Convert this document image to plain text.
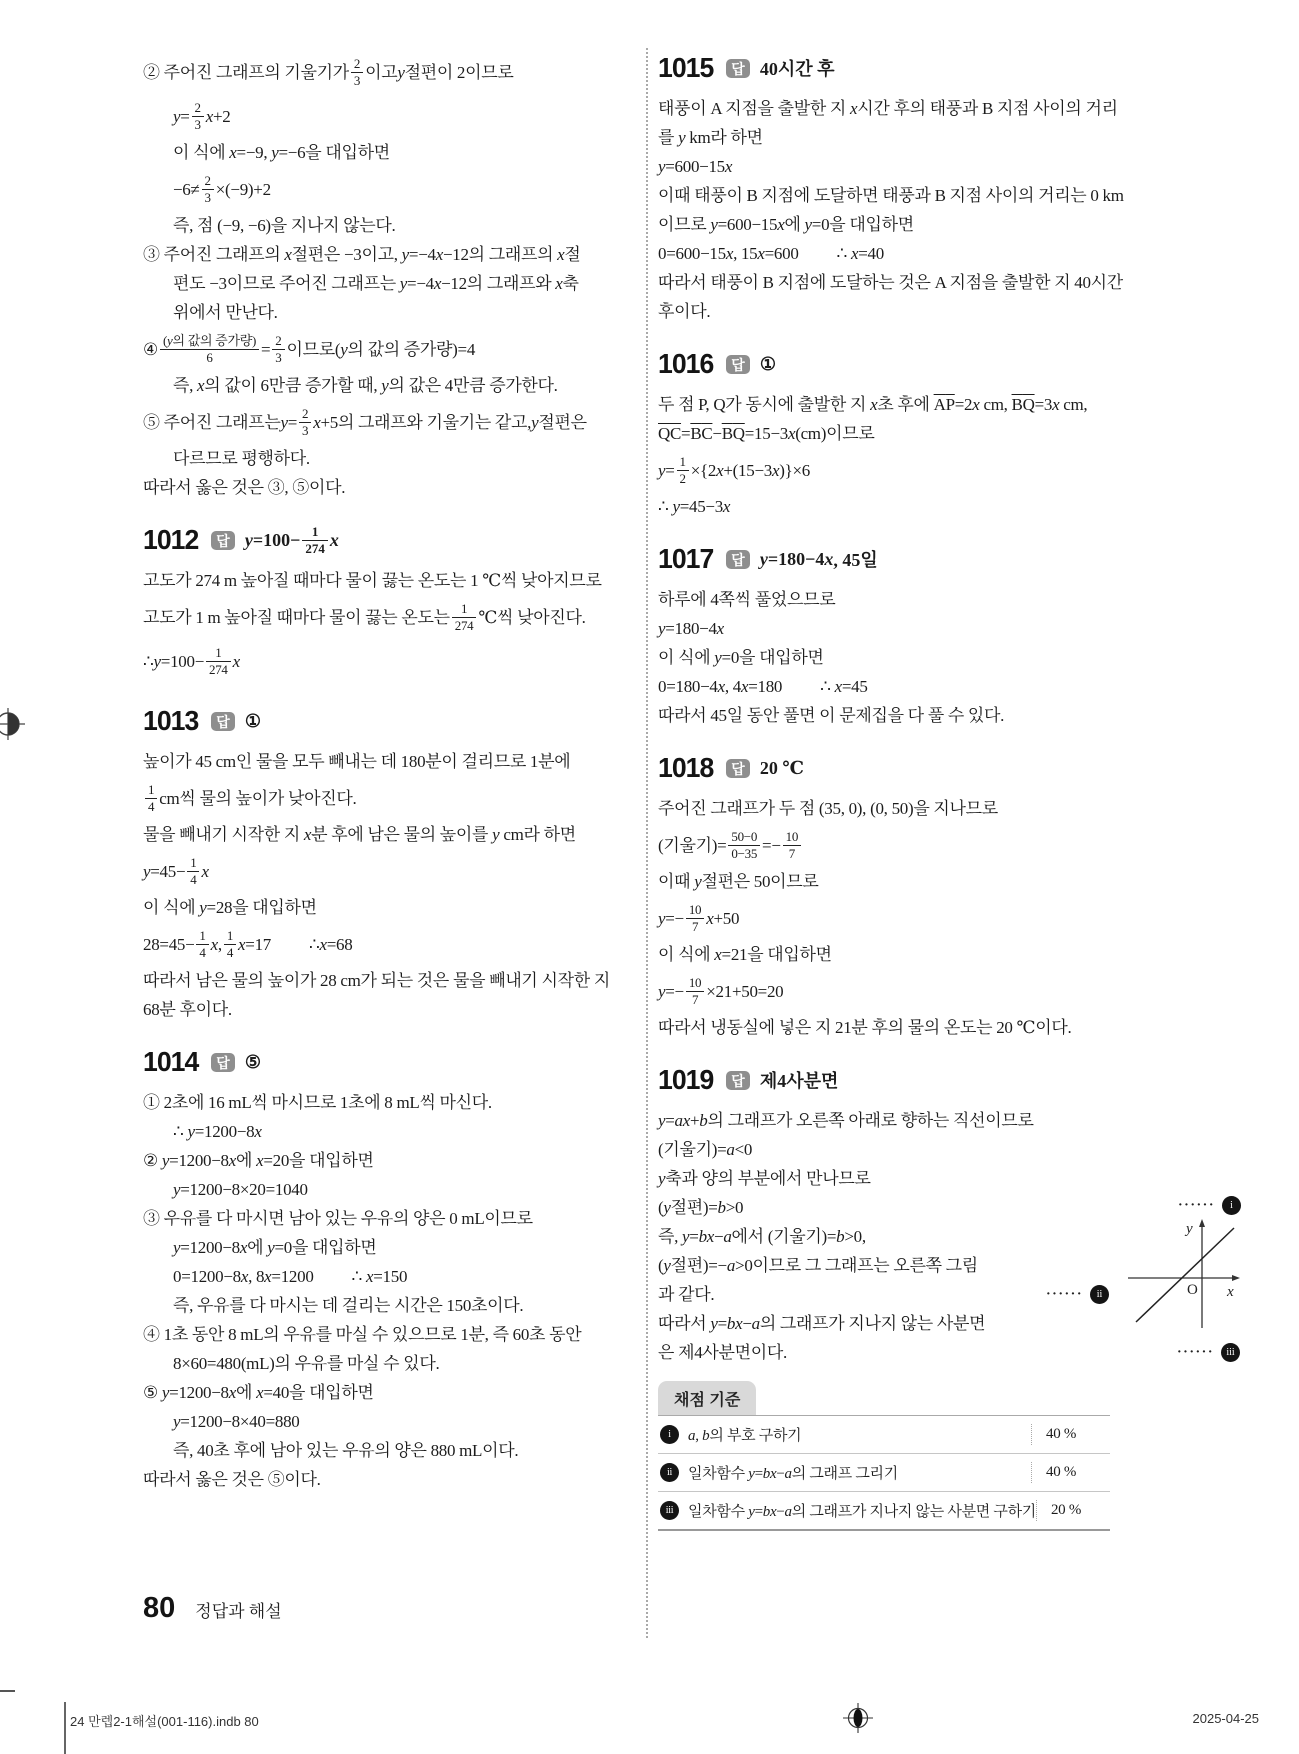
② 주어진 그래프의 기울기가 $\frac{2}{3}$ 이고 y 절편이 2이므로
$y= \frac{2}{3} x+2$
이 식에 x=−9, y=−6을 대입하면
$-6\ne \frac{2}{3} \times(-9)+2$
즉, 점 (−9, −6)을 지나지 않는다.
③ 주어진 그래프의 x절편은 −3이고, y=−4x−12의 그래프의 x절
편도 −3이므로 주어진 그래프는 y=−4x−12의 그래프와 x축
위에서 만난다.
④ $\frac{\text{(y의 값의 증가량)}}{6} = \frac{2}{3}$ 이므로 (y의 값의 증가량)=4
즉, x의 값이 6만큼 증가할 때, y의 값은 4만큼 증가한다.
⑤ 주어진 그래프는 $y= \frac{2}{3} x+5$ 의 그래프와 기울기는 같고, y 절편은
다르므로 평행하다.
따라서 옳은 것은 ③, ⑤이다.
1012	답 $y=100- \frac{1}{274}$ x
고도가 274 m 높아질 때마다 물이 끓는 온도는 1 ℃씩 낮아지므로
고도가 1 m 높아질 때마다 물이 끓는 온도는 $\frac{1}{274}$ ℃씩 낮아진다.
∴ $y=100- \frac{1}{274}$ x
1013	답 ①
높이가 45 cm인 물을 모두 빼내는 데 180분이 걸리므로 1분에
$\frac{1}{4}$ cm씩 물의 높이가 낮아진다.
물을 빼내기 시작한 지 x분 후에 남은 물의 높이를 y cm라 하면
$y=45- \frac{1}{4}$ x
이 식에 y=28을 대입하면
$28=45- \frac{1}{4}$ x , $\frac{1}{4} x=17$ ∴ x=68
따라서 남은 물의 높이가 28 cm가 되는 것은 물을 빼내기 시작한 지
68분 후이다.
1014	답 ⑤
① 2초에 16 mL씩 마시므로 1초에 8 mL씩 마신다.
∴ y=1200−8x
② y=1200−8x에 x=20을 대입하면
y=1200−8×20=1040
③ 우유를 다 마시면 남아 있는 우유의 양은 0 mL이므로
y=1200−8x에 y=0을 대입하면
0=1200−8x, 8x=1200 ∴ x=150
즉, 우유를 다 마시는 데 걸리는 시간은 150초이다.
④ 1초 동안 8 mL의 우유를 마실 수 있으므로 1분, 즉 60초 동안
8×60=480(mL)의 우유를 마실 수 있다.
⑤ y=1200−8x에 x=40을 대입하면
y=1200−8×40=880
즉, 40초 후에 남아 있는 우유의 양은 880 mL이다.
따라서 옳은 것은 ⑤이다.
1015	답 40시간 후
태풍이 A 지점을 출발한 지 x시간 후의 태풍과 B 지점 사이의 거리
를 y km라 하면
y=600−15x
이때 태풍이 B 지점에 도달하면 태풍과 B 지점 사이의 거리는 0 km
이므로 y=600−15x에 y=0을 대입하면
0=600−15x, 15x=600 ∴ x=40
따라서 태풍이 B 지점에 도달하는 것은 A 지점을 출발한 지 40시간
후이다.
1016	답 ①
두 점 P, Q가 동시에 출발한 지 x초 후에 AP=2x cm, BQ=3x cm,
QC=BC−BQ=15−3x(cm)이므로
$y= \frac{1}{2} \times\{2x+(15-3x)\}\times 6$
∴ y=45−3x
1017	답 y=180−4x , 45일
하루에 4쪽씩 풀었으므로
y=180−4x
이 식에 y=0을 대입하면
0=180−4x, 4x=180 ∴ x=45
따라서 45일 동안 풀면 이 문제집을 다 풀 수 있다.
1018	답 20 ℃
주어진 그래프가 두 점 (35, 0), (0, 50)을 지나므로
(기울기) = $\frac{50-0}{0-35} =- \frac{10}{7}$
이때 y절편은 50이므로
$y=- \frac{10}{7} x+50$
이 식에 x=21을 대입하면
$y=- \frac{10}{7} \times 21+50=20$
따라서 냉동실에 넣은 지 21분 후의 물의 온도는 20 ℃이다.
1019	답 제4사분면
y=ax+b의 그래프가 오른쪽 아래로 향하는 직선이므로
(기울기)=a<0
y축과 양의 부분에서 만나므로
(y절편)=b>0
즉, y=bx−a에서 (기울기)=b>0,
(y절편)=−a>0이므로 그 그래프는 오른쪽 그림
과 같다.
따라서 y=bx−a의 그래프가 지나지 않는 사분면
은 제4사분면이다.
······	i
······	ii
······	iii
O x
y
채점 기준
i	a, b의 부호 구하기	40 %
ii	일차함수 y=bx−a의 그래프 그리기	40 %
iii 일차함수 y=bx−a의 그래프가 지나지 않는 사분면 구하기	20 %
80 정답과 해설
24 만렙2-1해설(001-116).indb 80	2025-04-25
